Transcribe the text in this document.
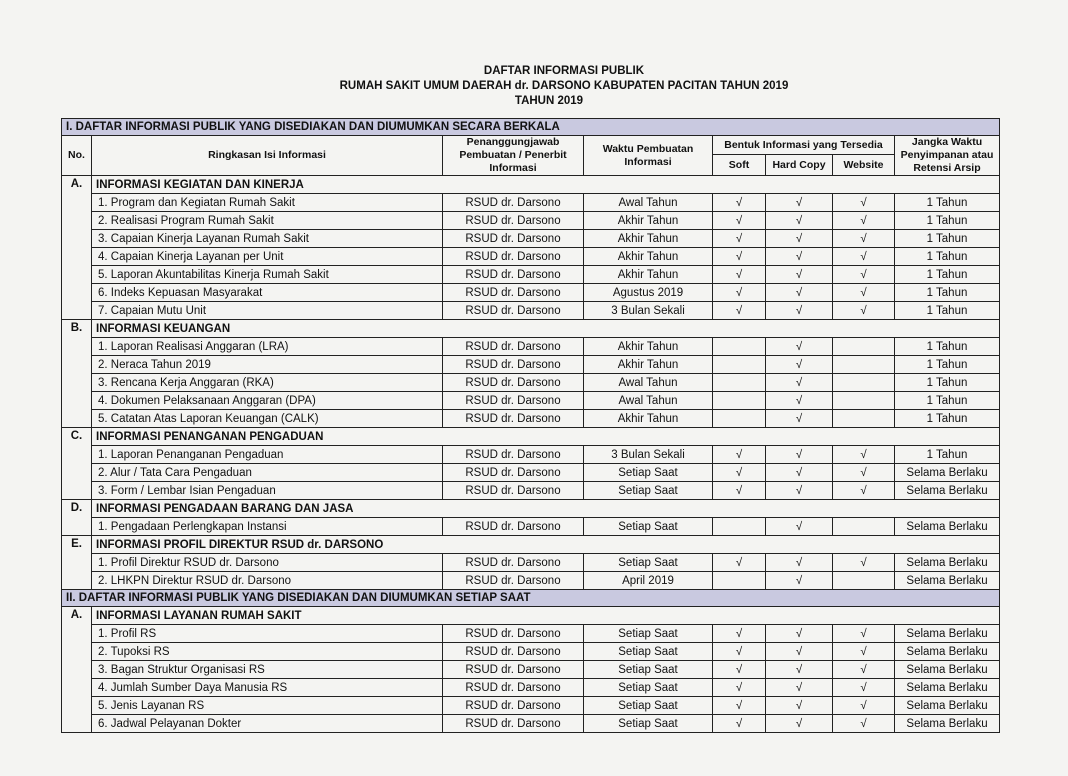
DAFTAR INFORMASI PUBLIK
RUMAH SAKIT UMUM DAERAH dr. DARSONO KABUPATEN PACITAN TAHUN 2019
TAHUN 2019
I. DAFTAR INFORMASI PUBLIK YANG DISEDIAKAN DAN DIUMUMKAN SECARA BERKALA							
No.	Ringkasan Isi Informasi	Penanggungjawab Pembuatan / Penerbit Informasi	Waktu Pembuatan Informasi	Bentuk Informasi yang Tersedia			Jangka Waktu Penyimpanan atau Retensi Arsip
				Soft	Hard Copy	Website	
A.	INFORMASI KEGIATAN DAN KINERJA						
	1. Program dan Kegiatan Rumah Sakit	RSUD dr. Darsono	Awal Tahun	√	√	√	1 Tahun
	2. Realisasi Program Rumah Sakit	RSUD dr. Darsono	Akhir Tahun	√	√	√	1 Tahun
	3. Capaian Kinerja Layanan Rumah Sakit	RSUD dr. Darsono	Akhir Tahun	√	√	√	1 Tahun
	4. Capaian Kinerja Layanan per Unit	RSUD dr. Darsono	Akhir Tahun	√	√	√	1 Tahun
	5. Laporan Akuntabilitas Kinerja Rumah Sakit	RSUD dr. Darsono	Akhir Tahun	√	√	√	1 Tahun
	6. Indeks Kepuasan Masyarakat	RSUD dr. Darsono	Agustus 2019	√	√	√	1 Tahun
	7. Capaian Mutu Unit	RSUD dr. Darsono	3 Bulan Sekali	√	√	√	1 Tahun
B.	INFORMASI KEUANGAN						
	1. Laporan Realisasi Anggaran (LRA)	RSUD dr. Darsono	Akhir Tahun		√		1 Tahun
	2. Neraca Tahun 2019	RSUD dr. Darsono	Akhir Tahun		√		1 Tahun
	3. Rencana Kerja Anggaran (RKA)	RSUD dr. Darsono	Awal Tahun		√		1 Tahun
	4. Dokumen Pelaksanaan Anggaran (DPA)	RSUD dr. Darsono	Awal Tahun		√		1 Tahun
	5. Catatan Atas Laporan Keuangan (CALK)	RSUD dr. Darsono	Akhir Tahun		√		1 Tahun
C.	INFORMASI PENANGANAN PENGADUAN						
	1. Laporan Penanganan Pengaduan	RSUD dr. Darsono	3 Bulan Sekali	√	√	√	1 Tahun
	2. Alur / Tata Cara Pengaduan	RSUD dr. Darsono	Setiap Saat	√	√	√	Selama Berlaku
	3. Form / Lembar Isian Pengaduan	RSUD dr. Darsono	Setiap Saat	√	√	√	Selama Berlaku
D.	INFORMASI PENGADAAN BARANG DAN JASA						
	1. Pengadaan Perlengkapan Instansi	RSUD dr. Darsono	Setiap Saat		√		Selama Berlaku
E.	INFORMASI PROFIL DIREKTUR RSUD dr. DARSONO						
	1. Profil Direktur RSUD dr. Darsono	RSUD dr. Darsono	Setiap Saat	√	√	√	Selama Berlaku
	2. LHKPN Direktur RSUD dr. Darsono	RSUD dr. Darsono	April 2019		√		Selama Berlaku
II. DAFTAR INFORMASI PUBLIK YANG DISEDIAKAN DAN DIUMUMKAN SETIAP SAAT							
A.	INFORMASI LAYANAN RUMAH SAKIT						
	1. Profil RS	RSUD dr. Darsono	Setiap Saat	√	√	√	Selama Berlaku
	2. Tupoksi RS	RSUD dr. Darsono	Setiap Saat	√	√	√	Selama Berlaku
	3. Bagan Struktur Organisasi RS	RSUD dr. Darsono	Setiap Saat	√	√	√	Selama Berlaku
	4. Jumlah Sumber Daya Manusia RS	RSUD dr. Darsono	Setiap Saat	√	√	√	Selama Berlaku
	5. Jenis Layanan RS	RSUD dr. Darsono	Setiap Saat	√	√	√	Selama Berlaku
	6. Jadwal Pelayanan Dokter	RSUD dr. Darsono	Setiap Saat	√	√	√	Selama Berlaku
